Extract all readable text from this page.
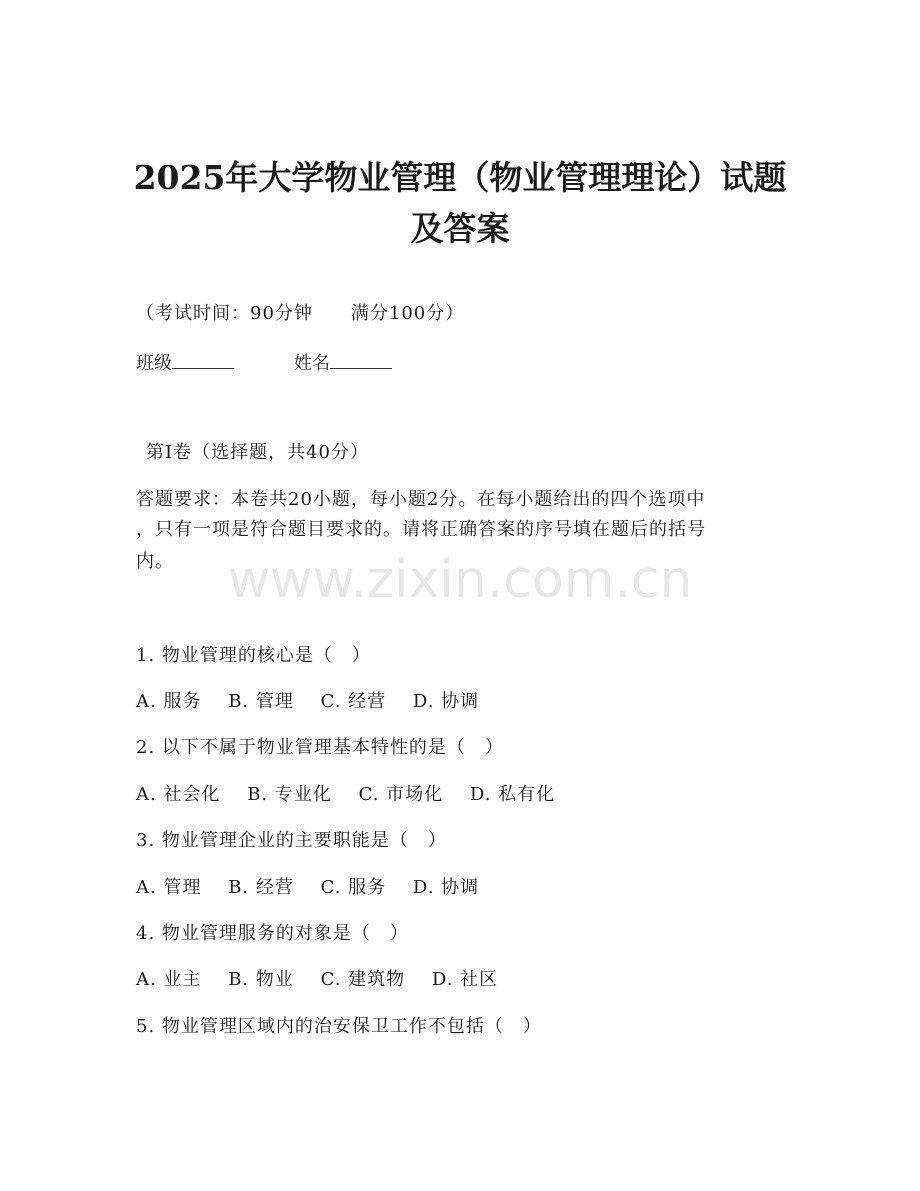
2025年大学物业管理（物业管理理论）试题
及答案
（考试时间：90分钟　　满分100分）
班级	姓名
第I卷（选择题，共40分）
答题要求：本卷共20小题，每小题2分。在每小题给出的四个选项中
，只有一项是符合题目要求的。请将正确答案的序号填在题后的括号
内。	www.zixin.com.cn
1. 物业管理的核心是（　）
A. 服务 B. 管理 C. 经营 D. 协调
2. 以下不属于物业管理基本特性的是（　）
A. 社会化 B. 专业化 C. 市场化 D. 私有化
3. 物业管理企业的主要职能是（　）
A. 管理 B. 经营 C. 服务 D. 协调
4. 物业管理服务的对象是（　）
A. 业主 B. 物业 C. 建筑物 D. 社区
5. 物业管理区域内的治安保卫工作不包括（　）
